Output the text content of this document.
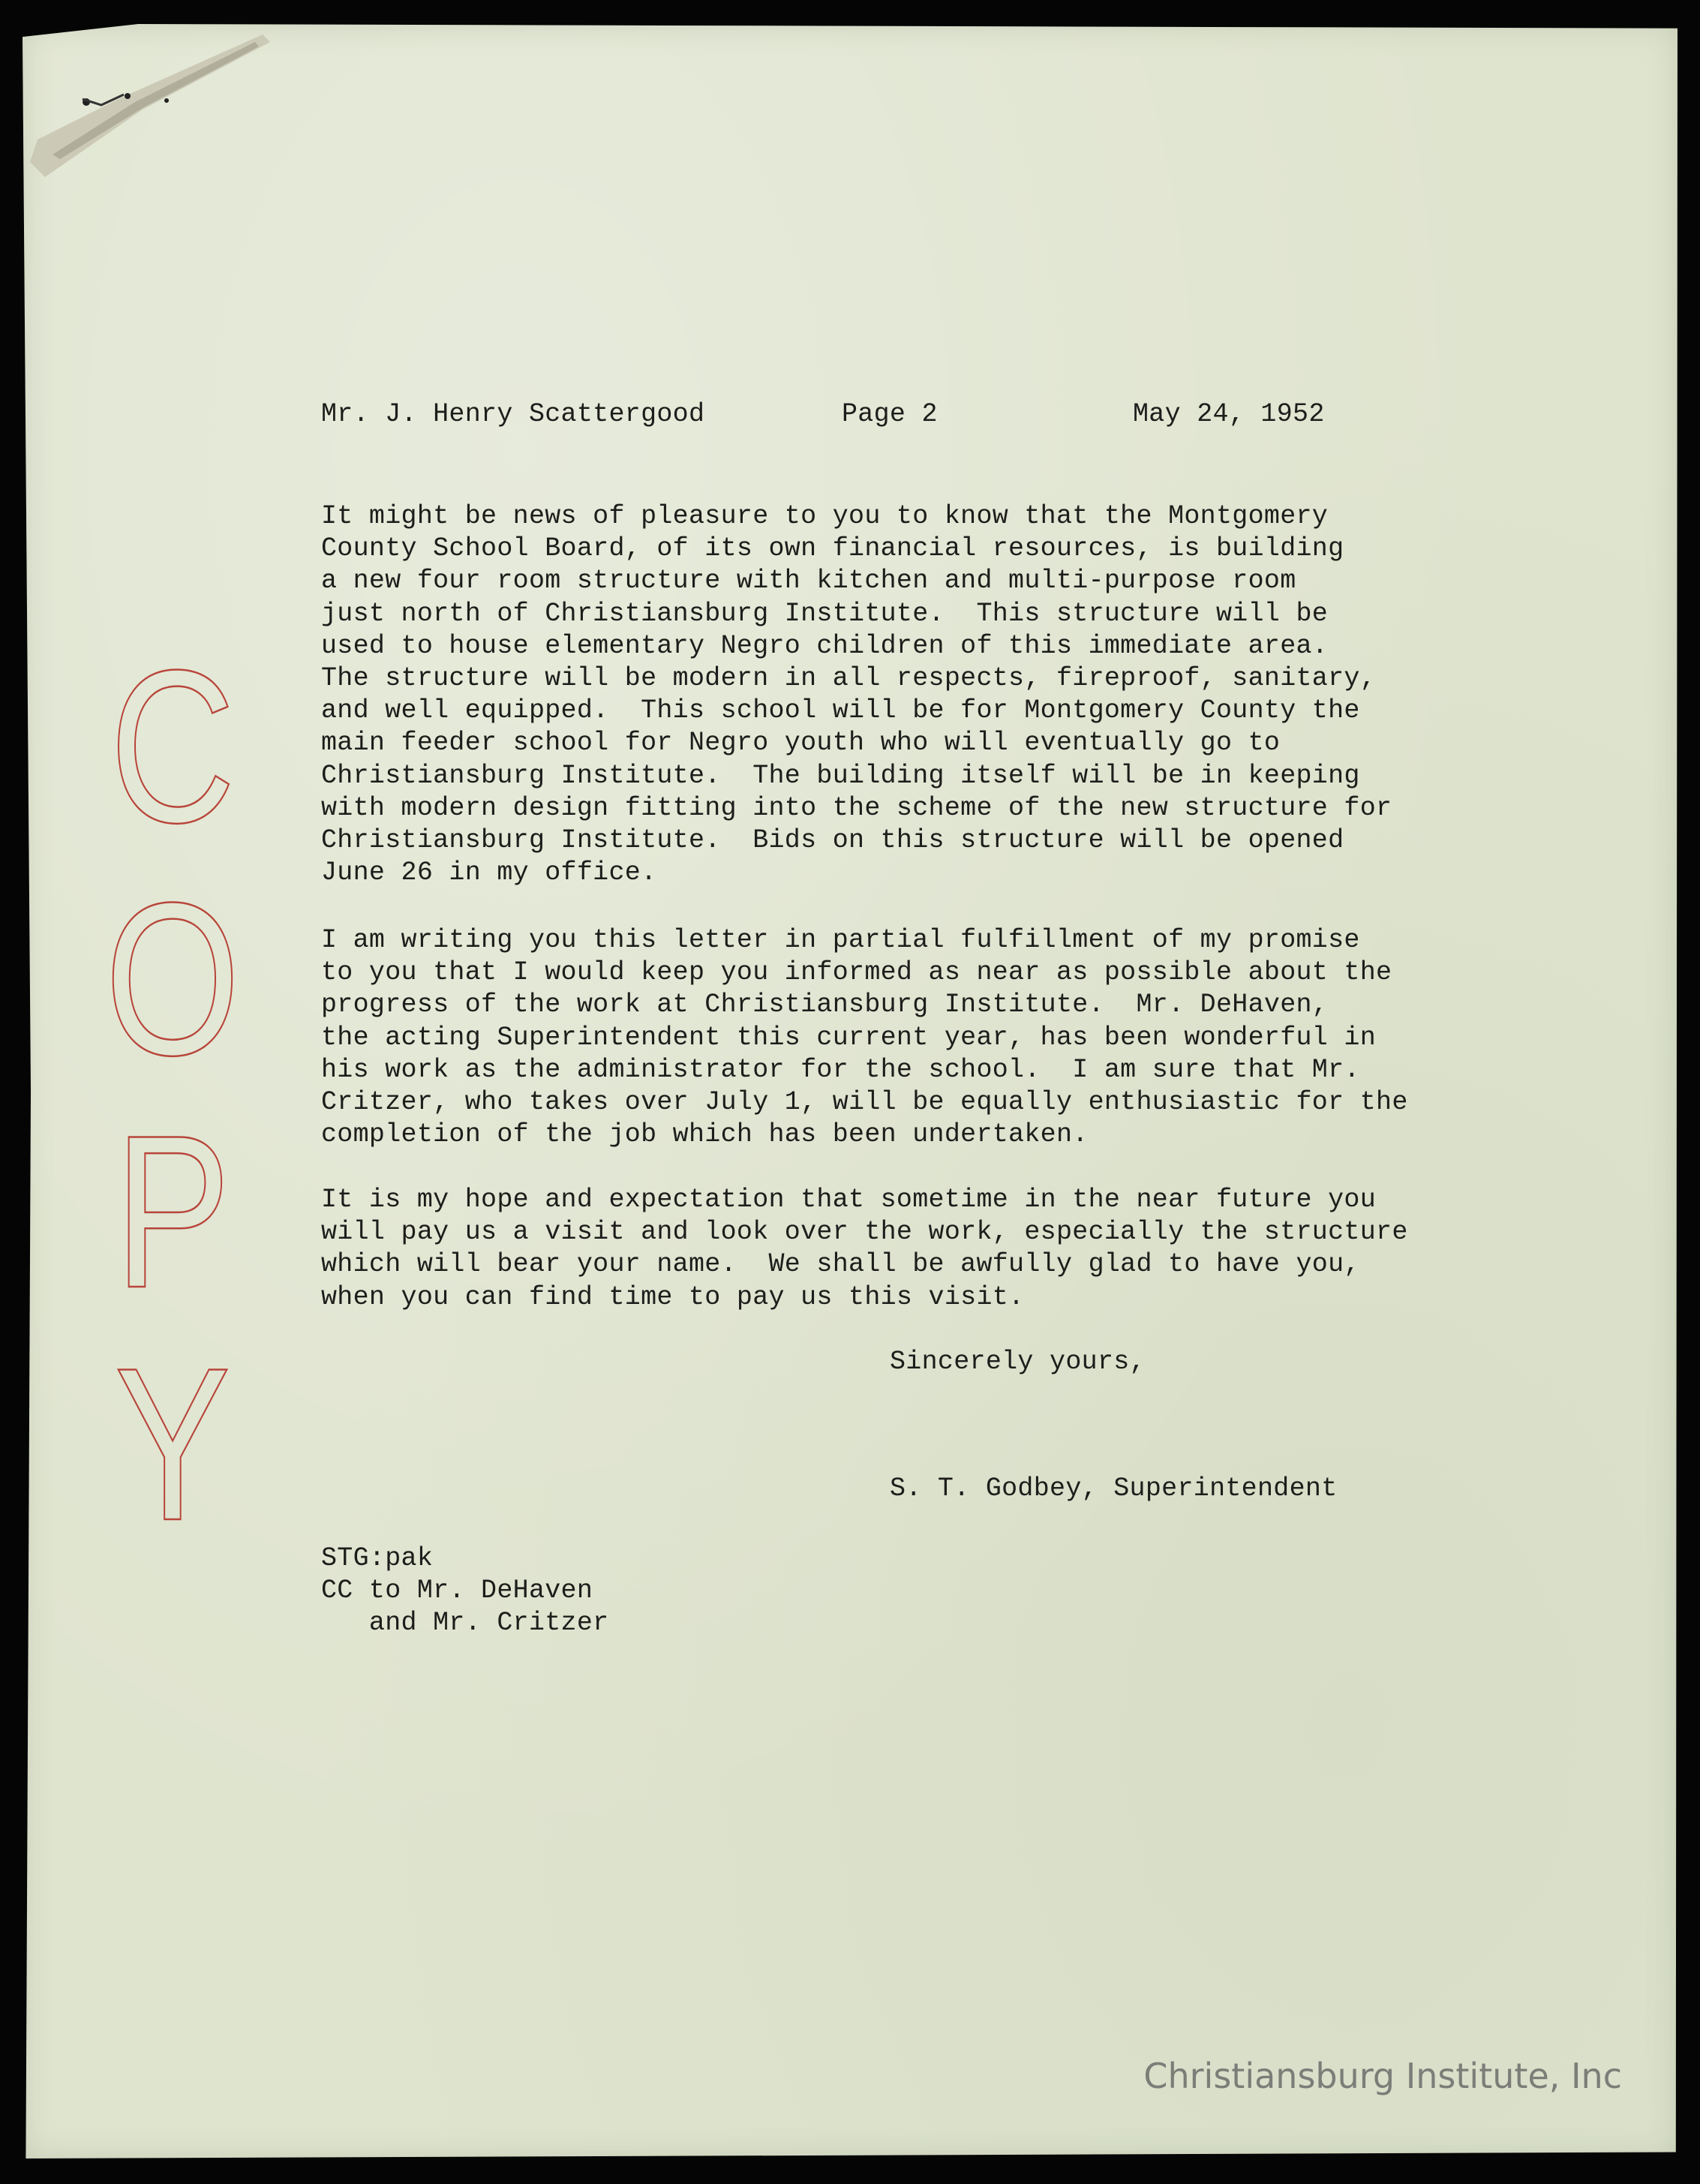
Mr. J. Henry Scattergood	Page 2	May 24, 1952
It might be news of pleasure to you to know that the Montgomery
County School Board, of its own financial resources, is building
a new four room structure with kitchen and multi-purpose room
just north of Christiansburg Institute.  This structure will be
used to house elementary Negro children of this immediate area.
The structure will be modern in all respects, fireproof, sanitary,
and well equipped.  This school will be for Montgomery County the
main feeder school for Negro youth who will eventually go to
Christiansburg Institute.  The building itself will be in keeping
with modern design fitting into the scheme of the new structure for
Christiansburg Institute.  Bids on this structure will be opened
June 26 in my office.
I am writing you this letter in partial fulfillment of my promise
to you that I would keep you informed as near as possible about the
progress of the work at Christiansburg Institute.  Mr. DeHaven,
the acting Superintendent this current year, has been wonderful in
his work as the administrator for the school.  I am sure that Mr.
Critzer, who takes over July 1, will be equally enthusiastic for the
completion of the job which has been undertaken.
It is my hope and expectation that sometime in the near future you
will pay us a visit and look over the work, especially the structure
which will bear your name.  We shall be awfully glad to have you,
when you can find time to pay us this visit.
Sincerely yours,
S. T. Godbey, Superintendent
STG:pak
CC to Mr. DeHaven
and Mr. Critzer
C
O
P
Y
Christiansburg Institute, Inc
